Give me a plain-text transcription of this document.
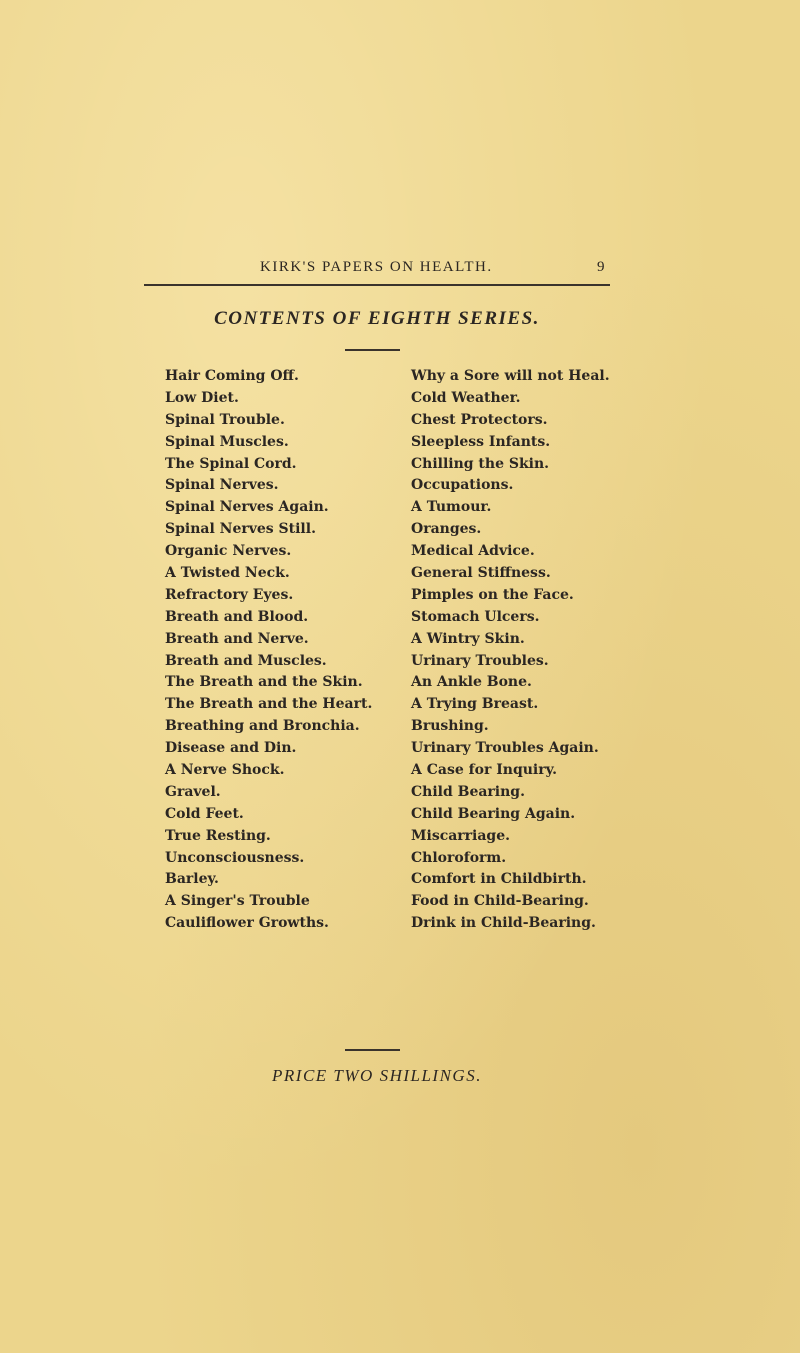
KIRK'S PAPERS ON HEALTH.	9
CONTENTS OF EIGHTH SERIES.
Hair Coming Off.
Low Diet.
Spinal Trouble.
Spinal Muscles.
The Spinal Cord.
Spinal Nerves.
Spinal Nerves Again.
Spinal Nerves Still.
Organic Nerves.
A Twisted Neck.
Refractory Eyes.
Breath and Blood.
Breath and Nerve.
Breath and Muscles.
The Breath and the Skin.
The Breath and the Heart.
Breathing and Bronchia.
Disease and Din.
A Nerve Shock.
Gravel.
Cold Feet.
True Resting.
Unconsciousness.
Barley.
A Singer's Trouble
Cauliflower Growths.
Why a Sore will not Heal.
Cold Weather.
Chest Protectors.
Sleepless Infants.
Chilling the Skin.
Occupations.
A Tumour.
Oranges.
Medical Advice.
General Stiffness.
Pimples on the Face.
Stomach Ulcers.
A Wintry Skin.
Urinary Troubles.
An Ankle Bone.
A Trying Breast.
Brushing.
Urinary Troubles Again.
A Case for Inquiry.
Child Bearing.
Child Bearing Again.
Miscarriage.
Chloroform.
Comfort in Childbirth.
Food in Child-Bearing.
Drink in Child-Bearing.
PRICE TWO SHILLINGS.
